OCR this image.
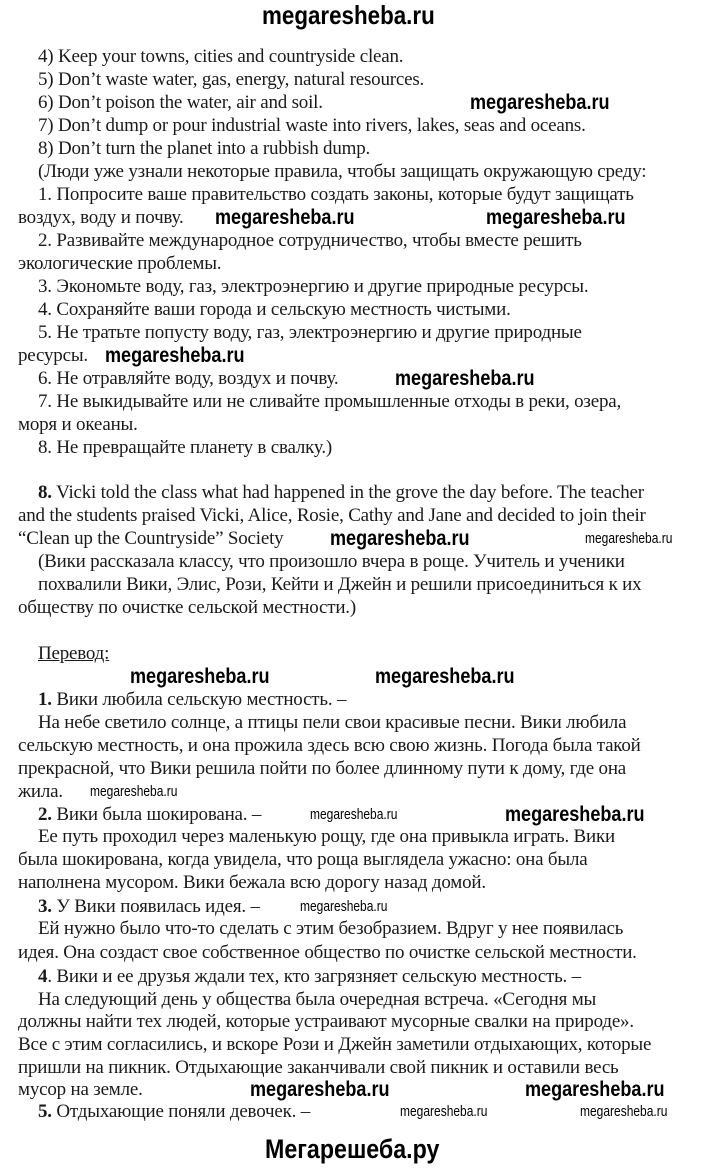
megaresheba.ru
Мегарешеба.ру
4) Keep your towns, cities and countryside clean.
5) Don’t waste water, gas, energy, natural resources.
6) Don’t poison the water, air and soil.
7) Don’t dump or pour industrial waste into rivers, lakes, seas and oceans.
8) Don’t turn the planet into a rubbish dump.
(Люди уже узнали некоторые правила, чтобы защищать окружающую среду:
1. Попросите ваше правительство создать законы, которые будут защищать
воздух, воду и почву.
2. Развивайте международное сотрудничество, чтобы вместе решить
экологические проблемы.
3. Экономьте воду, газ, электроэнергию и другие природные ресурсы.
4. Сохраняйте ваши города и сельскую местность чистыми.
5. Не тратьте попусту воду, газ, электроэнергию и другие природные
ресурсы.
6. Не отравляйте воду, воздух и почву.
7. Не выкидывайте или не сливайте промышленные отходы в реки, озера,
моря и океаны.
8. Не превращайте планету в свалку.)
8. Vicki told the class what had happened in the grove the day before. The teacher
and the students praised Vicki, Alice, Rosie, Cathy and Jane and decided to join their
“Clean up the Countryside” Society
(Вики рассказала классу, что произошло вчера в роще. Учитель и ученики
похвалили Вики, Элис, Рози, Кейти и Джейн и решили присоединиться к их
обществу по очистке сельской местности.)
Перевод:
1. Вики любила сельскую местность. –
На небе светило солнце, а птицы пели свои красивые песни. Вики любила
сельскую местность, и она прожила здесь всю свою жизнь. Погода была такой
прекрасной, что Вики решила пойти по более длинному пути к дому, где она
жила.
2. Вики была шокирована. –
Ее путь проходил через маленькую рощу, где она привыкла играть. Вики
была шокирована, когда увидела, что роща выглядела ужасно: она была
наполнена мусором. Вики бежала всю дорогу назад домой.
3. У Вики появилась идея. –
Ей нужно было что-то сделать с этим безобразием. Вдруг у нее появилась
идея. Она создаст свое собственное общество по очистке сельской местности.
4. Вики и ее друзья ждали тех, кто загрязняет сельскую местность. –
На следующий день у общества была очередная встреча. «Сегодня мы
должны найти тех людей, которые устраивают мусорные свалки на природе».
Все с этим согласились, и вскоре Рози и Джейн заметили отдыхающих, которые
пришли на пикник. Отдыхающие заканчивали свой пикник и оставили весь
мусор на земле.
5. Отдыхающие поняли девочек. –
megaresheba.ru
megaresheba.ru	megaresheba.ru
megaresheba.ru
megaresheba.ru
megaresheba.ru	megaresheba.ru
megaresheba.ru	megaresheba.ru
megaresheba.ru	megaresheba.ru
megaresheba.ru
megaresheba.ru	megaresheba.ru
megaresheba.ru
megaresheba.ru	megaresheba.ru
